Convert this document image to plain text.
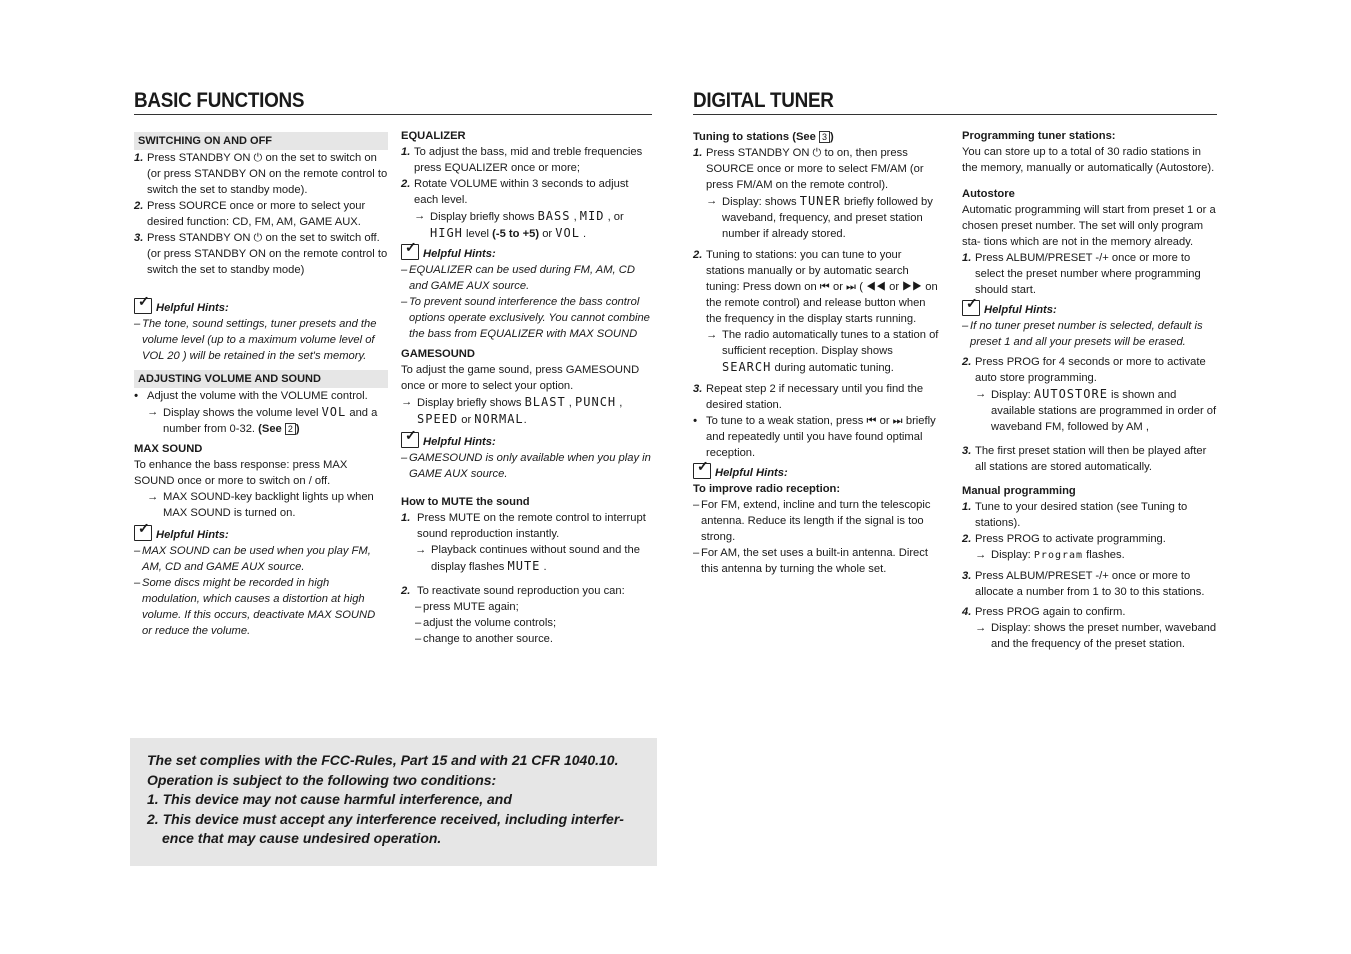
BASIC FUNCTIONS	DIGITAL TUNER

SWITCHING ON AND OFF

1. Press STANDBY ON ⏻ on the set to switch on (or press STANDBY ON on the remote control to switch the set to standby mode).

2. Press SOURCE once or more to select your desired function: CD, FM, AM, GAME AUX.

3. Press STANDBY ON ⏻ on the set to switch off. (or press STANDBY ON on the remote control to switch the set to standby mode)

✓
Helpful Hints:

– The tone, sound settings, tuner presets and the volume level (up to a maximum volume level of VOL 20 ) will be retained in the set's memory.

ADJUSTING VOLUME AND SOUND

• Adjust the volume with the VOLUME control.

→ Display shows the volume level VOL and a number from 0-32. (See 2 )

MAX SOUND

To enhance the bass response: press MAX SOUND once or more to switch on / off.

→ MAX SOUND-key backlight lights up when MAX SOUND is turned on.

✓
Helpful Hints:

– MAX SOUND can be used when you play FM, AM, CD and GAME AUX source.

– Some discs might be recorded in high modulation, which causes a distortion at high volume. If this occurs, deactivate MAX SOUND or reduce the volume.

EQUALIZER

1. To adjust the bass, mid and treble frequencies press EQUALIZER once or more;

2. Rotate VOLUME within 3 seconds to adjust each level.

→ Display briefly shows BASS , MID , or HIGH level (-5 to +5) or VOL .

✓
Helpful Hints:

– EQUALIZER can be used during FM, AM, CD and GAME AUX source.

– To prevent sound interference the bass control options operate exclusively. You cannot combine the bass from EQUALIZER with MAX SOUND

GAMESOUND

To adjust the game sound, press GAMESOUND once or more to select your option.

→ Display briefly shows BLAST , PUNCH , SPEED or NORMAL.

✓
Helpful Hints:

– GAMESOUND is only available when you play in GAME AUX source.

How to MUTE the sound

1. Press MUTE on the remote control to interrupt sound reproduction instantly.

→ Playback continues without sound and the display flashes MUTE .

2. To reactivate sound reproduction you can:

– press MUTE again;

– adjust the volume controls;

– change to another source.

Tuning to stations (See 3 )

1. Press STANDBY ON ⏻ to on, then press SOURCE once or more to select FM/AM (or press FM/AM on the remote control).

→ Display: shows TUNER briefly followed by waveband, frequency, and preset station number if already stored.

2. Tuning to stations: you can tune to your stations manually or by automatic search tuning: Press down on ⏮ or ⏭ ( ◀◀ or ▶▶ on the remote control) and release button when the frequency in the display starts running.

→ The radio automatically tunes to a station of sufficient reception. Display shows SEARCH during automatic tuning.

3. Repeat step 2 if necessary until you find the desired station.

• To tune to a weak station, press ⏮ or ⏭ briefly and repeatedly until you have found optimal reception.

✓
Helpful Hints:

To improve radio reception:

– For FM, extend, incline and turn the telescopic antenna. Reduce its length if the signal is too strong.

– For AM, the set uses a built-in antenna. Direct this antenna by turning the whole set.

Programming tuner stations:

You can store up to a total of 30 radio stations in the memory, manually or automatically (Autostore).

Autostore

Automatic programming will start from preset 1 or a chosen preset number. The set will only program sta- tions which are not in the memory already.

1. Press ALBUM/PRESET -/+ once or more to select the preset number where programming should start.

✓
Helpful Hints:

– If no tuner preset number is selected, default is preset 1 and all your presets will be erased.

2. Press PROG for 4 seconds or more to activate auto store programming.

→ Display: AUTOSTORE is shown and available stations are programmed in order of waveband FM, followed by AM ,

3. The first preset station will then be played after all stations are stored automatically.

Manual programming

1. Tune to your desired station (see Tuning to stations).

2. Press PROG to activate programming.

→ Display: Program flashes.

3. Press ALBUM/PRESET -/+ once or more to allocate a number from 1 to 30 to this stations.

4. Press PROG again to confirm.

→ Display: shows the preset number, waveband and the frequency of the preset station.

The set complies with the FCC-Rules, Part 15 and with 21 CFR 1040.10.

Operation is subject to the following two conditions:

1. This device may not cause harmful interference, and

2. This device must accept any interference received, including interfer-

ence that may cause undesired operation.
